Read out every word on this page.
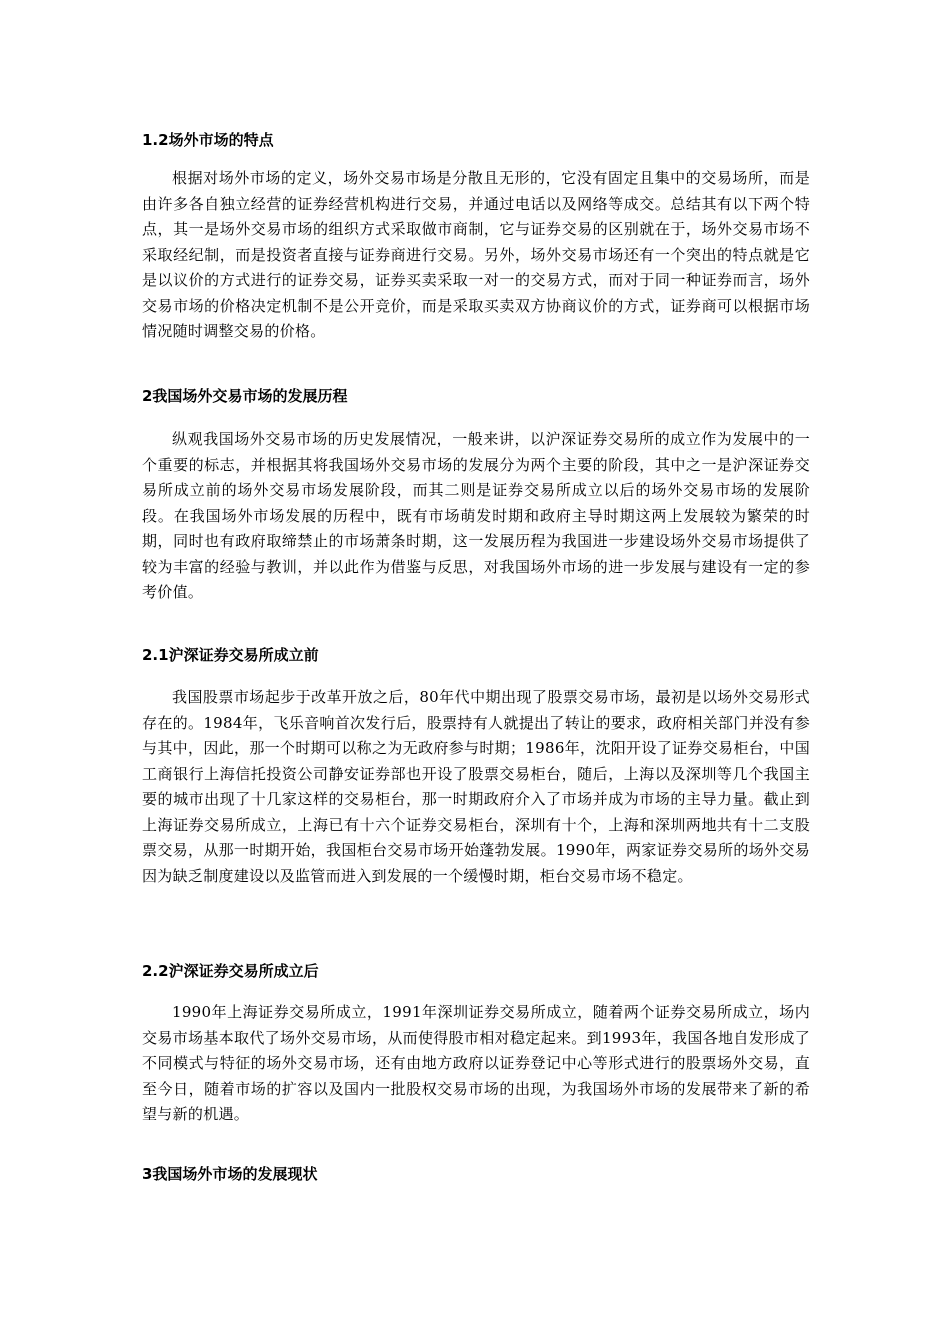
1.2场外市场的特点

根据对场外市场的定义，场外交易市场是分散且无形的，它没有固定且集中的交易场所，而是由许多各自独立经营的证券经营机构进行交易，并通过电话以及网络等成交。总结其有以下两个特点，其一是场外交易市场的组织方式采取做市商制，它与证券交易的区别就在于，场外交易市场不采取经纪制，而是投资者直接与证券商进行交易。另外，场外交易市场还有一个突出的特点就是它是以议价的方式进行的证券交易，证券买卖采取一对一的交易方式，而对于同一种证券而言，场外交易市场的价格决定机制不是公开竞价，而是采取买卖双方协商议价的方式，证券商可以根据市场情况随时调整交易的价格。

2我国场外交易市场的发展历程

纵观我国场外交易市场的历史发展情况，一般来讲，以沪深证券交易所的成立作为发展中的一个重要的标志，并根据其将我国场外交易市场的发展分为两个主要的阶段，其中之一是沪深证券交易所成立前的场外交易市场发展阶段，而其二则是证券交易所成立以后的场外交易市场的发展阶段。在我国场外市场发展的历程中，既有市场萌发时期和政府主导时期这两上发展较为繁荣的时期，同时也有政府取缔禁止的市场萧条时期，这一发展历程为我国进一步建设场外交易市场提供了较为丰富的经验与教训，并以此作为借鉴与反思，对我国场外市场的进一步发展与建设有一定的参考价值。

2.1沪深证券交易所成立前

我国股票市场起步于改革开放之后，80年代中期出现了股票交易市场，最初是以场外交易形式存在的。1984年，飞乐音响首次发行后，股票持有人就提出了转让的要求，政府相关部门并没有参与其中，因此，那一个时期可以称之为无政府参与时期；1986年，沈阳开设了证券交易柜台，中国工商银行上海信托投资公司静安证券部也开设了股票交易柜台，随后，上海以及深圳等几个我国主要的城市出现了十几家这样的交易柜台，那一时期政府介入了市场并成为市场的主导力量。截止到上海证券交易所成立，上海已有十六个证券交易柜台，深圳有十个，上海和深圳两地共有十二支股票交易，从那一时期开始，我国柜台交易市场开始蓬勃发展。1990年，两家证券交易所的场外交易因为缺乏制度建设以及监管而进入到发展的一个缓慢时期，柜台交易市场不稳定。

2.2沪深证券交易所成立后

1990年上海证券交易所成立，1991年深圳证券交易所成立，随着两个证券交易所成立，场内交易市场基本取代了场外交易市场，从而使得股市相对稳定起来。到1993年，我国各地自发形成了不同模式与特征的场外交易市场，还有由地方政府以证券登记中心等形式进行的股票场外交易，直至今日，随着市场的扩容以及国内一批股权交易市场的出现，为我国场外市场的发展带来了新的希望与新的机遇。

3我国场外市场的发展现状
